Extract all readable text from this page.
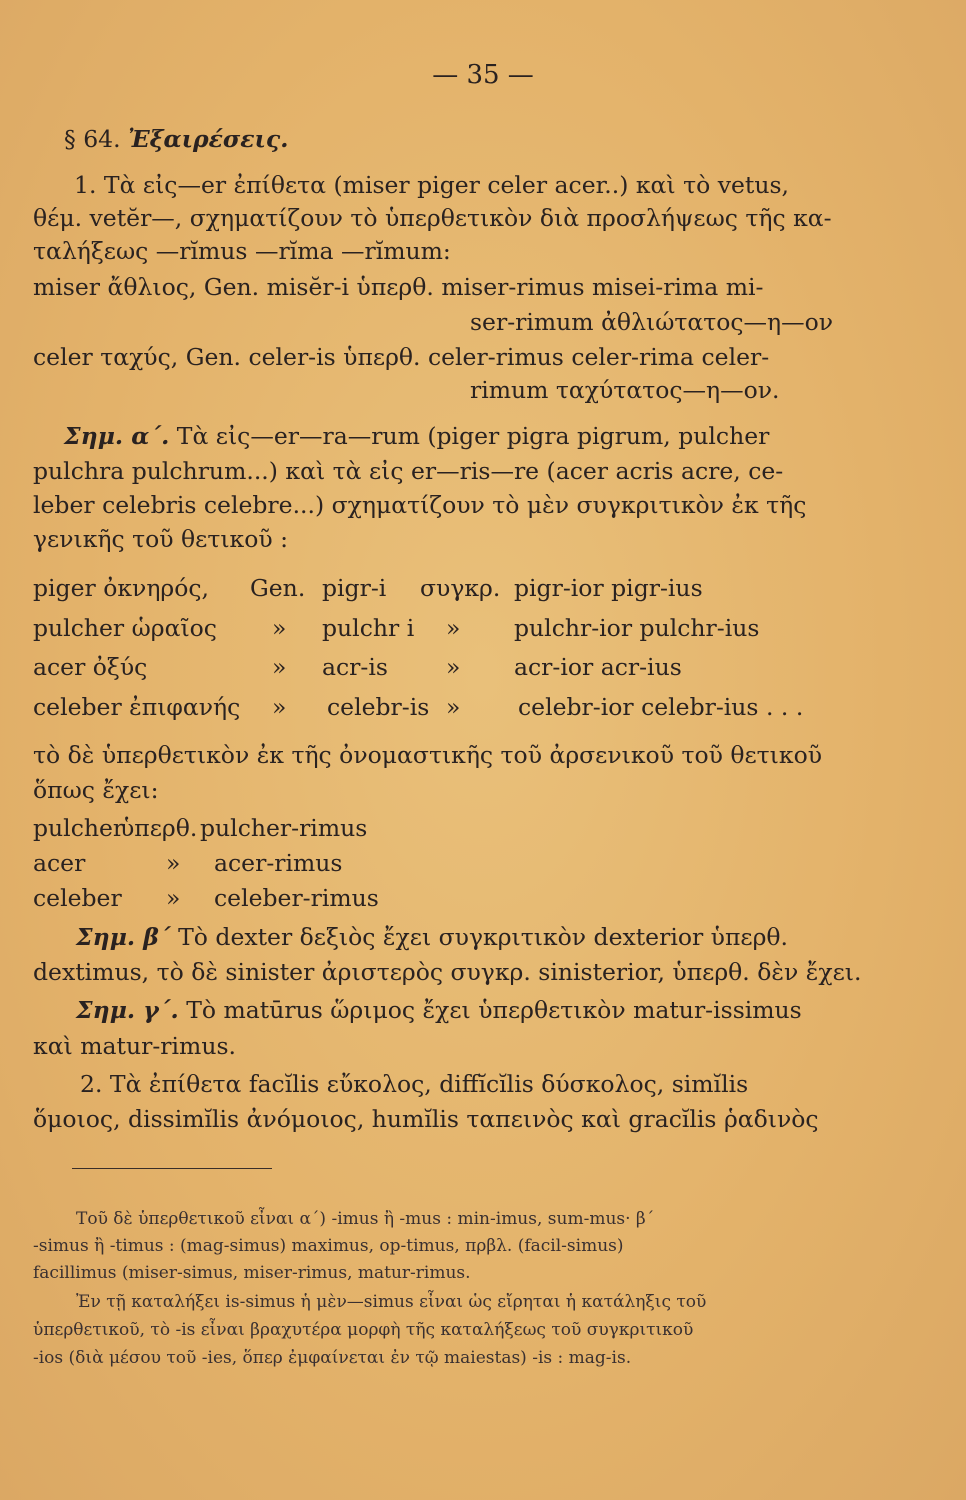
— 35 —
§ 64. Ἐξαιρέσεις.
1. Τὰ εἰς—er ἐπίθετα (miser piger celer acer..) καὶ τὸ vetus,
θέμ. vetĕr—, σχηματίζουν τὸ ὑπερθετικὸν διὰ προσλήψεως τῆς κα-
ταλήξεως —rĭmus —rĭma —rĭmum:
miser ἄθλιος, Gen. misĕr-i ὑπερθ. miser-rimus misei-rima mi-
ser-rimum ἀθλιώτατος—η—ον
celer ταχύς, Gen. celer-is ὑπερθ. celer-rimus celer-rima celer-
rimum ταχύτατος—η—ον.
Σημ. α΄. Τὰ εἰς—er—ra—rum (piger pigra pigrum, pulcher
pulchra pulchrum...) καὶ τὰ εἰς er—ris—re (acer acris acre, ce-
leber celebris celebre...) σχηματίζουν τὸ μὲν συγκριτικὸν ἐκ τῆς
γενικῆς τοῦ θετικοῦ :
piger ὀκνηρός, Gen. pigr-i συγκρ. pigr-ior pigr-ius
pulcher ὡραῖος » pulchr i » pulchr-ior pulchr-ius
acer ὀξύς	» acr-is » acr-ior acr-ius
celeber ἐπιφανής » celebr-is » celebr-ior celebr-ius . . .
τὸ δὲ ὑπερθετικὸν ἐκ τῆς ὀνομαστικῆς τοῦ ἀρσενικοῦ τοῦ θετικοῦ
ὅπως ἔχει:
pulcher
ὑπερθ. pulcher-rimus
acer	» acer-rimus
celeber » celeber-rimus
Σημ. β΄ Τὸ dexter δεξιὸς ἔχει συγκριτικὸν dexterior ὑπερθ.
dextimus, τὸ δὲ sinister ἀριστερὸς συγκρ. sinisterior, ὑπερθ. δὲν ἔχει.
Σημ. γ΄. Τὸ matūrus ὥριμος ἔχει ὑπερθετικὸν matur-issimus
καὶ matur-rimus.
2. Τὰ ἐπίθετα facĭlis εὔκολος, diffĭcĭlis δύσκολος, simĭlis
ὅμοιος, dissimĭlis ἀνόμοιος, humĭlis ταπεινὸς καὶ gracĭlis ῥαδινὸς
Τοῦ δὲ ὑπερθετικοῦ εἶναι α΄) -imus ἢ -mus : min-imus, sum-mus· β΄
-simus ἢ -timus : (mag-simus) maximus, op-timus, πρβλ. (facil-simus)
facillimus (miser-simus, miser-rimus, matur-rimus.
Ἐν τῇ καταλήξει is-simus ἡ μὲν—simus εἶναι ὡς εἴρηται ἡ κατάληξις τοῦ
ὑπερθετικοῦ, τὸ -is εἶναι βραχυτέρα μορφὴ τῆς καταλήξεως τοῦ συγκριτικοῦ
-ios (διὰ μέσου τοῦ -ies, ὅπερ ἐμφαίνεται ἐν τῷ maiestas) -is : mag-is.
